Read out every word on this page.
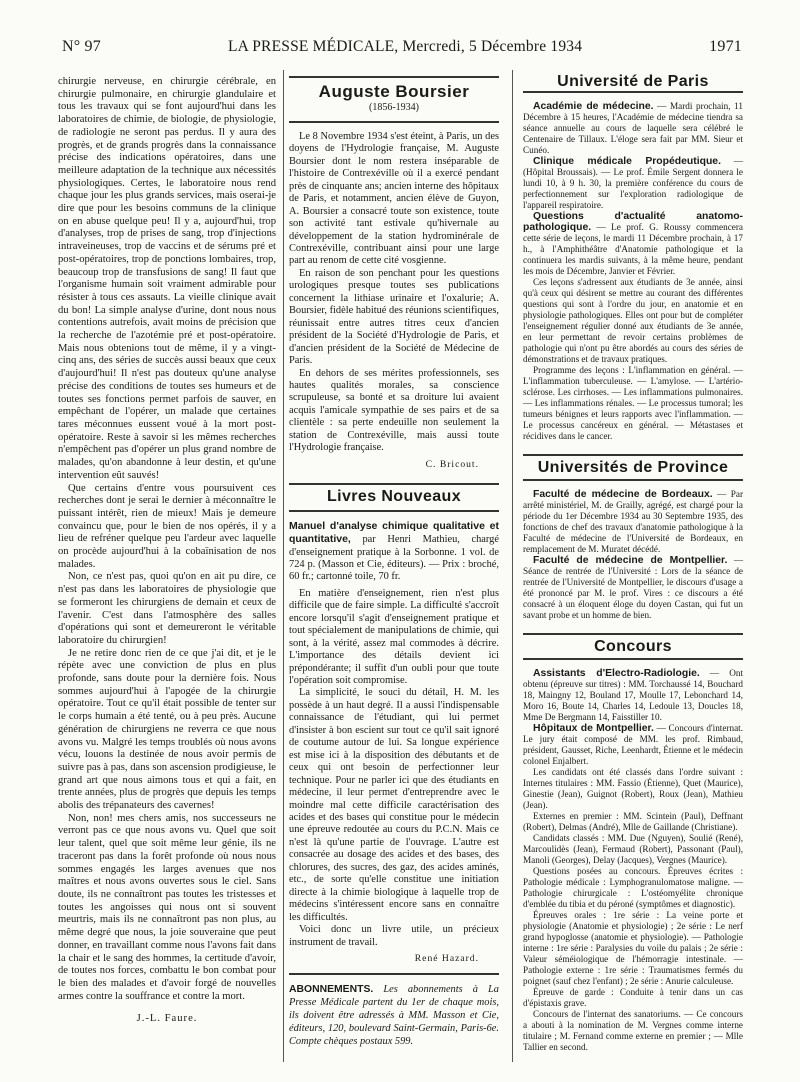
N° 97	LA PRESSE MÉDICALE, Mercredi, 5 Décembre 1934	1971

chirurgie nerveuse, en chirurgie cérébrale, en chirurgie pulmonaire, en chirurgie glandulaire et tous les travaux qui se font aujourd'hui dans les laboratoires de chimie, de biologie, de physiologie, de radiologie ne seront pas perdus. Il y aura des progrès, et de grands progrès dans la connaissance précise des indications opératoires, dans une meilleure adaptation de la technique aux nécessités physiologiques. Certes, le laboratoire nous rend chaque jour les plus grands services, mais oserai-je dire que pour les besoins communs de la clinique on en abuse quelque peu! Il y a, aujourd'hui, trop d'analyses, trop de prises de sang, trop d'injections intraveineuses, trop de vaccins et de sérums pré et post-opératoires, trop de ponctions lombaires, trop, beaucoup trop de transfusions de sang! Il faut que l'organisme humain soit vraiment admirable pour résister à tous ces assauts. La vieille clinique avait du bon! La simple analyse d'urine, dont nous nous contentions autrefois, avait moins de précision que la recherche de l'azotémie pré et post-opératoire. Mais nous obtenions tout de même, il y a vingt-cinq ans, des séries de succès aussi beaux que ceux d'aujourd'hui! Il n'est pas douteux qu'une analyse précise des conditions de toutes ses humeurs et de toutes ses fonctions permet parfois de sauver, en empêchant de l'opérer, un malade que certaines tares méconnues eussent voué à la mort post-opératoire. Reste à savoir si les mêmes recherches n'empêchent pas d'opérer un plus grand nombre de malades, qu'on abandonne à leur destin, et qu'une intervention eût sauvés!

Que certains d'entre vous poursuivent ces recherches dont je serai le dernier à méconnaître le puissant intérêt, rien de mieux! Mais je demeure convaincu que, pour le bien de nos opérés, il y a lieu de refréner quelque peu l'ardeur avec laquelle on procède aujourd'hui à la cobaïnisation de nos malades.

Non, ce n'est pas, quoi qu'on en ait pu dire, ce n'est pas dans les laboratoires de physiologie que se formeront les chirurgiens de demain et ceux de l'avenir. C'est dans l'atmosphère des salles d'opérations qui sont et demeureront le véritable laboratoire du chirurgien!

Je ne retire donc rien de ce que j'ai dit, et je le répète avec une conviction de plus en plus profonde, sans doute pour la dernière fois. Nous sommes aujourd'hui à l'apogée de la chirurgie opératoire. Tout ce qu'il était possible de tenter sur le corps humain a été tenté, ou à peu près. Aucune génération de chirurgiens ne reverra ce que nous avons vu. Malgré les temps troublés où nous avons vécu, louons la destinée de nous avoir permis de suivre pas à pas, dans son ascension prodigieuse, le grand art que nous aimons tous et qui a fait, en trente années, plus de progrès que depuis les temps abolis des trépanateurs des cavernes!

Non, non! mes chers amis, nos successeurs ne verront pas ce que nous avons vu. Quel que soit leur talent, quel que soit même leur génie, ils ne traceront pas dans la forêt profonde où nous nous sommes engagés les larges avenues que nos maîtres et nous avons ouvertes sous le ciel. Sans doute, ils ne connaîtront pas toutes les tristesses et toutes les angoisses qui nous ont si souvent meurtris, mais ils ne connaîtront pas non plus, au même degré que nous, la joie souveraine que peut donner, en travaillant comme nous l'avons fait dans la chair et le sang des hommes, la certitude d'avoir, de toutes nos forces, combattu le bon combat pour le bien des malades et d'avoir forgé de nouvelles armes contre la souffrance et contre la mort.

J.-L. Faure.
Auguste Boursier
(1856-1934)

Le 8 Novembre 1934 s'est éteint, à Paris, un des doyens de l'Hydrologie française, M. Auguste Boursier dont le nom restera inséparable de l'histoire de Contrexéville où il a exercé pendant près de cinquante ans; ancien interne des hôpitaux de Paris, et notamment, ancien élève de Guyon, A. Boursier a consacré toute son existence, toute son activité tant estivale qu'hivernale au développement de la station hydrominérale de Contrexéville, contribuant ainsi pour une large part au renom de cette cité vosgienne.

En raison de son penchant pour les questions urologiques presque toutes ses publications concernent la lithiase urinaire et l'oxalurie; A. Boursier, fidèle habitué des réunions scientifiques, réunissait entre autres titres ceux d'ancien président de la Société d'Hydrologie de Paris, et d'ancien président de la Société de Médecine de Paris.

En dehors de ses mérites professionnels, ses hautes qualités morales, sa conscience scrupuleuse, sa bonté et sa droiture lui avaient acquis l'amicale sympathie de ses pairs et de sa clientèle : sa perte endeuille non seulement la station de Contrexéville, mais aussi toute l'Hydrologie française.

C. Bricout.
Livres Nouveaux

Manuel d'analyse chimique qualitative et quantitative, par Henri Mathieu, chargé d'enseignement pratique à la Sorbonne. 1 vol. de 724 p. (Masson et Cie, éditeurs). — Prix : broché, 60 fr.; cartonné toile, 70 fr.

En matière d'enseignement, rien n'est plus difficile que de faire simple. La difficulté s'accroît encore lorsqu'il s'agit d'enseignement pratique et tout spécialement de manipulations de chimie, qui sont, à la vérité, assez mal commodes à décrire. L'importance des détails devient ici prépondérante; il suffit d'un oubli pour que toute l'opération soit compromise.

La simplicité, le souci du détail, H. M. les possède à un haut degré. Il a aussi l'indispensable connaissance de l'étudiant, qui lui permet d'insister à bon escient sur tout ce qu'il sait ignoré de coutume autour de lui. Sa longue expérience est mise ici à la disposition des débutants et de ceux qui ont besoin de perfectionner leur technique. Pour ne parler ici que des étudiants en médecine, il leur permet d'entreprendre avec le moindre mal cette difficile caractérisation des acides et des bases qui constitue pour le médecin une épreuve redoutée au cours du P.C.N. Mais ce n'est là qu'une partie de l'ouvrage. L'autre est consacrée au dosage des acides et des bases, des chlorures, des sucres, des gaz, des acides aminés, etc., de sorte qu'elle constitue une initiation directe à la chimie biologique à laquelle trop de médecins s'intéressent encore sans en connaître les difficultés.

Voici donc un livre utile, un précieux instrument de travail.

René Hazard.
ABONNEMENTS. Les abonnements à La Presse Médicale partent du 1er de chaque mois, ils doivent être adressés à MM. Masson et Cie, éditeurs, 120, boulevard Saint-Germain, Paris-6e. Compte chèques postaux 599.
Université de Paris

Académie de médecine. — Mardi prochain, 11 Décembre à 15 heures, l'Académie de médecine tiendra sa séance annuelle au cours de laquelle sera célébré le Centenaire de Tillaux. L'éloge sera fait par MM. Sieur et Cunéo.

Clinique médicale Propédeutique. — (Hôpital Broussais). — Le prof. Émile Sergent donnera le lundi 10, à 9 h. 30, la première conférence du cours de perfectionnement sur l'exploration radiologique de l'appareil respiratoire.

Questions d'actualité anatomo-pathologique. — Le prof. G. Roussy commencera cette série de leçons, le mardi 11 Décembre prochain, à 17 h., à l'Amphithéâtre d'Anatomie pathologique et la continuera les mardis suivants, à la même heure, pendant les mois de Décembre, Janvier et Février.

Ces leçons s'adressent aux étudiants de 3e année, ainsi qu'à ceux qui désirent se mettre au courant des différentes questions qui sont à l'ordre du jour, en anatomie et en physiologie pathologiques. Elles ont pour but de compléter l'enseignement régulier donné aux étudiants de 3e année, en leur permettant de revoir certains problèmes de pathologie qui n'ont pu être abordés au cours des séries de démonstrations et de travaux pratiques.

Programme des leçons : L'inflammation en général. — L'inflammation tuberculeuse. — L'amylose. — L'artério-sclérose. Les cirrhoses. — Les inflammations pulmonaires. — Les inflammations rénales. — Le processus tumoral; les tumeurs bénignes et leurs rapports avec l'inflammation. — Le processus cancéreux en général. — Métastases et récidives dans le cancer.

Universités de Province

Faculté de médecine de Bordeaux. — Par arrêté ministériel, M. de Grailly, agrégé, est chargé pour la période du 1er Décembre 1934 au 30 Septembre 1935, des fonctions de chef des travaux d'anatomie pathologique à la Faculté de médecine de l'Université de Bordeaux, en remplacement de M. Muratet décédé.

Faculté de médecine de Montpellier. — Séance de rentrée de l'Université : Lors de la séance de rentrée de l'Université de Montpellier, le discours d'usage a été prononcé par M. le prof. Vires : ce discours a été consacré à un éloquent éloge du doyen Castan, qui fut un savant probe et un homme de bien.

Concours

Assistants d'Electro-Radiologie. — Ont obtenu (épreuve sur titres) : MM. Torchaussé 14, Bouchard 18, Maingny 12, Bouland 17, Moulle 17, Lebonchard 14, Moro 16, Boute 14, Charles 14, Ledoule 13, Doucles 18, Mme De Bergmann 14, Faisstiller 10.

Hôpitaux de Montpellier. — Concours d'internat. Le jury était composé de MM. les prof. Rimbaud, président, Gausset, Riche, Leenhardt, Étienne et le médecin colonel Enjalbert.

Les candidats ont été classés dans l'ordre suivant : Internes titulaires : MM. Fassio (Étienne), Quet (Maurice), Ginestie (Jean), Guignot (Robert), Roux (Jean), Mathieu (Jean).

Externes en premier : MM. Scintein (Paul), Deffnant (Robert), Delmas (André), Mlle de Gaillande (Christiane).

Candidats classés : MM. Due (Nguyen), Soulié (René), Marcoulidès (Jean), Fermaud (Robert), Passonant (Paul), Manoli (Georges), Delay (Jacques), Vergnes (Maurice).

Questions posées au concours. Épreuves écrites : Pathologie médicale : Lymphogranulomatose maligne. — Pathologie chirurgicale : L'ostéomyélite chronique d'emblée du tibia et du péroné (symptômes et diagnostic).

Épreuves orales : 1re série : La veine porte et physiologie (Anatomie et physiologie) ; 2e série : Le nerf grand hypoglosse (anatomie et physiologie). — Pathologie interne : 1re série : Paralysies du voile du palais ; 2e série : Valeur séméiologique de l'hémorragie intestinale. — Pathologie externe : 1re série : Traumatismes fermés du poignet (sauf chez l'enfant) ; 2e série : Anurie calculeuse.

Épreuve de garde : Conduite à tenir dans un cas d'épistaxis grave.

Concours de l'internat des sanatoriums. — Ce concours a abouti à la nomination de M. Vergnes comme interne titulaire ; M. Fernand comme externe en premier ; — Mlle Tallier en second.
